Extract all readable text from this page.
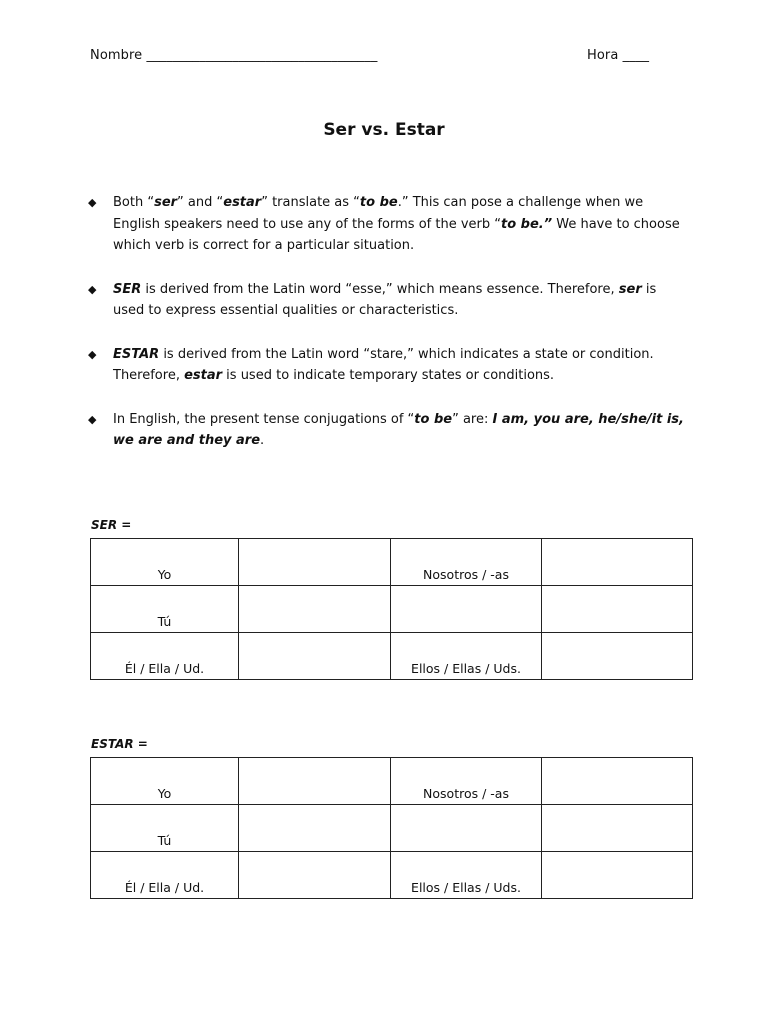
Nombre ___________________________________	Hora ____
Ser vs. Estar
◆ Both “ser” and “estar” translate as “to be.” This can pose a challenge when we English speakers need to use any of the forms of the verb “to be.” We have to choose which verb is correct for a particular situation.
◆ SER is derived from the Latin word “esse,” which means essence. Therefore, ser is used to express essential qualities or characteristics.
◆ ESTAR is derived from the Latin word “stare,” which indicates a state or condition. Therefore, estar is used to indicate temporary states or conditions.
◆ In English, the present tense conjugations of “to be” are: I am, you are, he/she/it is, we are and they are.
SER =
Yo		Nosotros / -as	
Tú			
Él / Ella / Ud.		Ellos / Ellas / Uds.	
ESTAR =
Yo		Nosotros / -as	
Tú			
Él / Ella / Ud.		Ellos / Ellas / Uds.	
